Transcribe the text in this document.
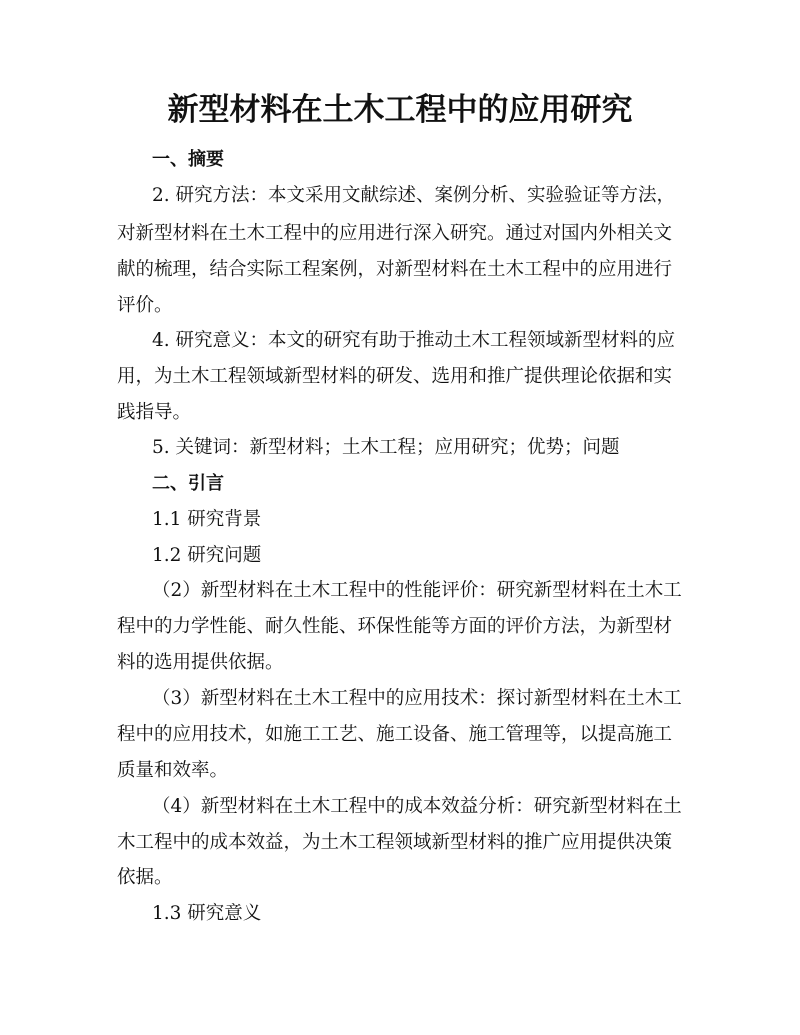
新型材料在土木工程中的应用研究

一、摘要

2. 研究方法：本文采用文献综述、案例分析、实验验证等方法，

对新型材料在土木工程中的应用进行深入研究。通过对国内外相关文

献的梳理，结合实际工程案例，对新型材料在土木工程中的应用进行

评价。

4. 研究意义：本文的研究有助于推动土木工程领域新型材料的应

用，为土木工程领域新型材料的研发、选用和推广提供理论依据和实

践指导。

5. 关键词：新型材料；土木工程；应用研究；优势；问题

二、引言

1.1 研究背景

1.2 研究问题

（2）新型材料在土木工程中的性能评价：研究新型材料在土木工

程中的力学性能、耐久性能、环保性能等方面的评价方法，为新型材

料的选用提供依据。

（3）新型材料在土木工程中的应用技术：探讨新型材料在土木工

程中的应用技术，如施工工艺、施工设备、施工管理等，以提高施工

质量和效率。

（4）新型材料在土木工程中的成本效益分析：研究新型材料在土

木工程中的成本效益，为土木工程领域新型材料的推广应用提供决策

依据。

1.3 研究意义
